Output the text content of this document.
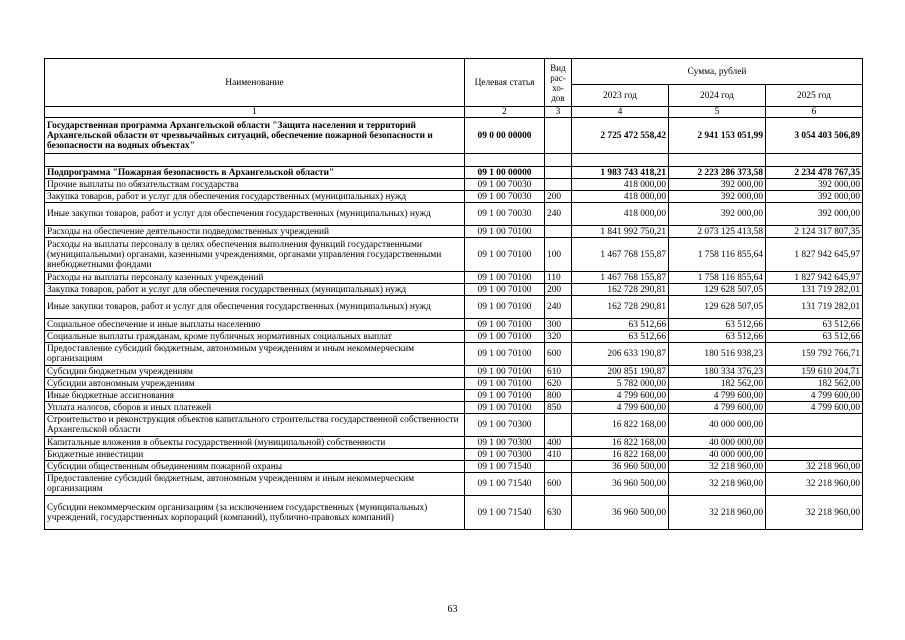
Наименование	Целевая статья	Вид рас-хо-дов	Сумма, рублей		
			2023 год	2024 год	2025 год
1	2	3	4	5	6
Государственная программа Архангельской области "Защита населения и территорий Архангельской области от чрезвычайных ситуаций, обеспечение пожарной безопасности и безопасности на водных объектах"	09 0 00 00000		2 725 472 558,42	2 941 153 051,99	3 054 403 506,89

Подпрограмма "Пожарная безопасность в Архангельской области"	09 1 00 00000		1 983 743 418,21	2 223 286 373,58	2 234 478 767,35
Прочие выплаты по обязательствам государства	09 1 00 70030		418 000,00	392 000,00	392 000,00
Закупка товаров, работ и услуг для обеспечения государственных (муниципальных) нужд	09 1 00 70030	200	418 000,00	392 000,00	392 000,00
Иные закупки товаров, работ и услуг для обеспечения государственных (муниципальных) нужд	09 1 00 70030	240	418 000,00	392 000,00	392 000,00
Расходы на обеспечение деятельности подведомственных учреждений	09 1 00 70100		1 841 992 750,21	2 073 125 413,58	2 124 317 807,35
Расходы на выплаты персоналу в целях обеспечения выполнения функций государственными (муниципальными) органами, казенными учреждениями, органами управления государственными внебюджетными фондами	09 1 00 70100	100	1 467 768 155,87	1 758 116 855,64	1 827 942 645,97
Расходы на выплаты персоналу казенных учреждений	09 1 00 70100	110	1 467 768 155,87	1 758 116 855,64	1 827 942 645,97
Закупка товаров, работ и услуг для обеспечения государственных (муниципальных) нужд	09 1 00 70100	200	162 728 290,81	129 628 507,05	131 719 282,01
Иные закупки товаров, работ и услуг для обеспечения государственных (муниципальных) нужд	09 1 00 70100	240	162 728 290,81	129 628 507,05	131 719 282,01
Социальное обеспечение и иные выплаты населению	09 1 00 70100	300	63 512,66	63 512,66	63 512,66
Социальные выплаты гражданам, кроме публичных нормативных социальных выплат	09 1 00 70100	320	63 512,66	63 512,66	63 512,66
Предоставление субсидий бюджетным, автономным учреждениям и иным некоммерческим организациям	09 1 00 70100	600	206 633 190,87	180 516 938,23	159 792 766,71
Субсидии бюджетным учреждениям	09 1 00 70100	610	200 851 190,87	180 334 376,23	159 610 204,71
Субсидии автономным учреждениям	09 1 00 70100	620	5 782 000,00	182 562,00	182 562,00
Иные бюджетные ассигнования	09 1 00 70100	800	4 799 600,00	4 799 600,00	4 799 600,00
Уплата налогов, сборов и иных платежей	09 1 00 70100	850	4 799 600,00	4 799 600,00	4 799 600,00
Строительство и реконструкция объектов капитального строительства государственной собственности Архангельской области	09 1 00 70300		16 822 168,00	40 000 000,00	
Капитальные вложения в объекты государственной (муниципальной) собственности	09 1 00 70300	400	16 822 168,00	40 000 000,00	
Бюджетные инвестиции	09 1 00 70300	410	16 822 168,00	40 000 000,00	
Субсидии общественным объединениям пожарной охраны	09 1 00 71540		36 960 500,00	32 218 960,00	32 218 960,00
Предоставление субсидий бюджетным, автономным учреждениям и иным некоммерческим организациям	09 1 00 71540	600	36 960 500,00	32 218 960,00	32 218 960,00
Субсидии некоммерческим организациям (за исключением государственных (муниципальных) учреждений, государственных корпораций (компаний), публично-правовых компаний)	09 1 00 71540	630	36 960 500,00	32 218 960,00	32 218 960,00
63
